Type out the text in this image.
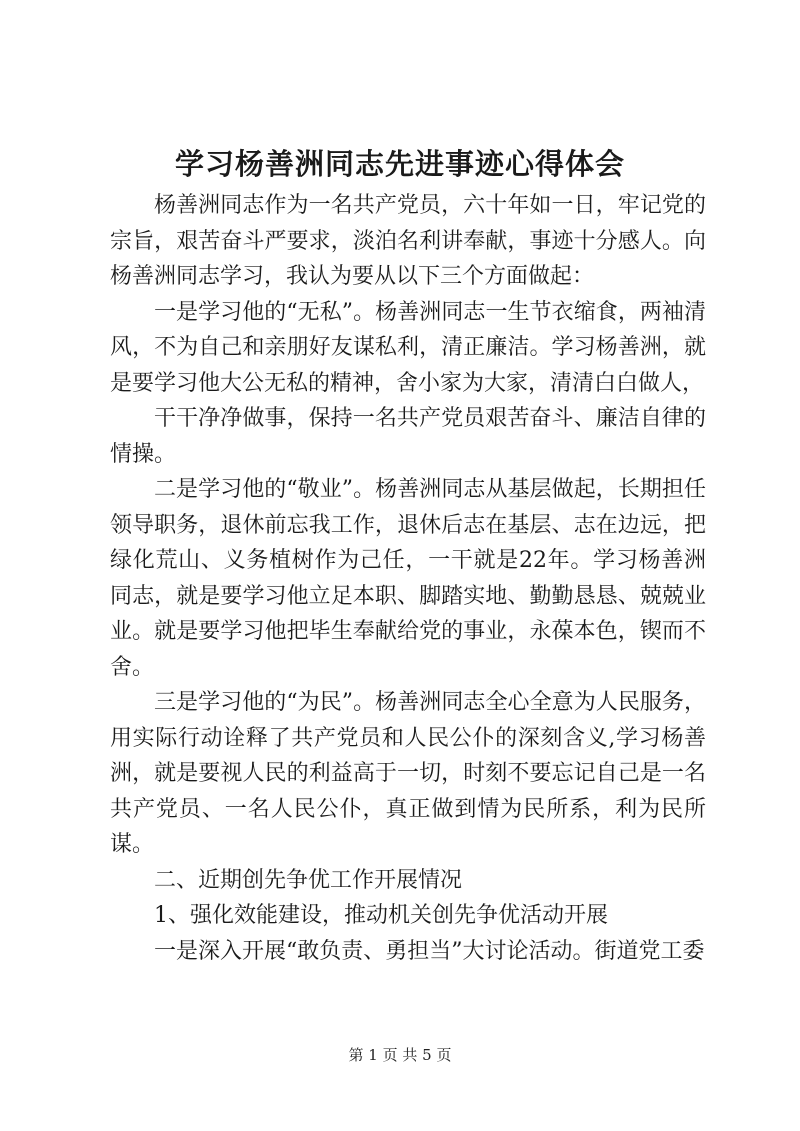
学习杨善洲同志先进事迹心得体会

杨善洲同志作为一名共产党员，六十年如一日，牢记党的宗旨，艰苦奋斗严要求，淡泊名利讲奉献，事迹十分感人。向杨善洲同志学习，我认为要从以下三个方面做起：

一是学习他的“无私”。杨善洲同志一生节衣缩食，两袖清风，不为自己和亲朋好友谋私利，清正廉洁。学习杨善洲，就是要学习他大公无私的精神，舍小家为大家，清清白白做人，

干干净净做事，保持一名共产党员艰苦奋斗、廉洁自律的情操。

二是学习他的“敬业”。杨善洲同志从基层做起，长期担任领导职务，退休前忘我工作，退休后志在基层、志在边远，把绿化荒山、义务植树作为己任，一干就是22年。学习杨善洲同志，就是要学习他立足本职、脚踏实地、勤勤恳恳、兢兢业业。就是要学习他把毕生奉献给党的事业，永葆本色，锲而不舍。

三是学习他的“为民”。杨善洲同志全心全意为人民服务，用实际行动诠释了共产党员和人民公仆的深刻含义,学习杨善洲，就是要视人民的利益高于一切，时刻不要忘记自己是一名共产党员、一名人民公仆，真正做到情为民所系，利为民所谋。

二、近期创先争优工作开展情况

1、强化效能建设，推动机关创先争优活动开展

一是深入开展“敢负责、勇担当”大讨论活动。街道党工委

第 1 页 共 5 页
